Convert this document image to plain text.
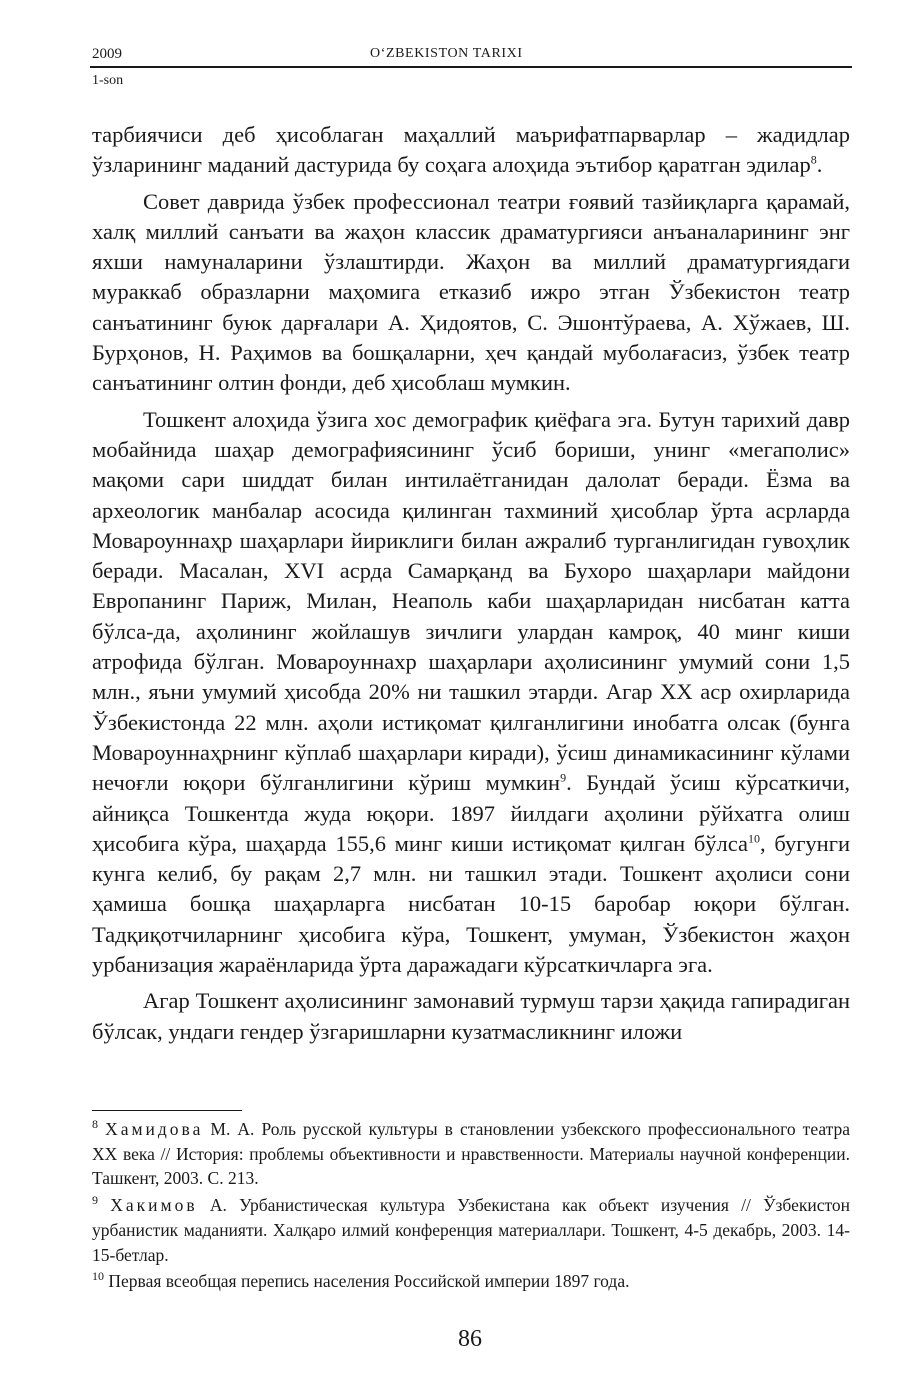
2009	O‘ZBEKISTON TARIXI
1-son

тарбиячиси деб ҳисоблаган маҳаллий маърифатпарварлар – жадидлар ўзларининг маданий дастурида бу соҳага алоҳида эътибор қаратган эдилар$^8$.

Совет даврида ўзбек профессионал театри ғоявий тазйиқларга қарамай, халқ миллий санъати ва жаҳон классик драматургияси анъаналарининг энг яхши намуналарини ўзлаштирди. Жаҳон ва миллий драматургиядаги мураккаб образларни маҳомига етказиб ижро этган Ўзбекистон театр санъатининг буюк дарғалари А. Ҳидоятов, С. Эшонтўраева, А. Хўжаев, Ш. Бурҳонов, Н. Раҳимов ва бошқаларни, ҳеч қандай муболағасиз, ўзбек театр санъатининг олтин фонди, деб ҳисоблаш мумкин.

Тошкент алоҳида ўзига хос демографик қиёфага эга. Бутун тарихий давр мобайнида шаҳар демографиясининг ўсиб бориши, унинг «мегаполис» мақоми сари шиддат билан интилаётганидан далолат беради. Ёзма ва археологик манбалар асосида қилинган тахминий ҳисоблар ўрта асрларда Мовароуннаҳр шаҳарлари йириклиги билан ажралиб турганлигидан гувоҳлик беради. Масалан, XVI асрда Самарқанд ва Бухоро шаҳарлари майдони Европанинг Париж, Милан, Неаполь каби шаҳарларидан нисбатан катта бўлса-да, аҳолининг жойлашув зичлиги улардан камроқ, 40 минг киши атрофида бўлган. Мовароуннахр шаҳарлари аҳолисининг умумий сони 1,5 млн., яъни умумий ҳисобда 20% ни ташкил этарди. Агар XX аср охирларида Ўзбекистонда 22 млн. аҳоли истиқомат қилганлигини инобатга олсак (бунга Мовароуннаҳрнинг кўплаб шаҳарлари киради), ўсиш динамикасининг кўлами нечоғли юқори бўлганлигини кўриш мумкин$^9$. Бундай ўсиш кўрсаткичи, айниқса Тошкентда жуда юқори. 1897 йилдаги аҳолини рўйхатга олиш ҳисобига кўра, шаҳарда 155,6 минг киши истиқомат қилган бўлса$^{10}$, бугунги кунга келиб, бу рақам 2,7 млн. ни ташкил этади. Тошкент аҳолиси сони ҳамиша бошқа шаҳарларга нисбатан 10-15 баробар юқори бўлган. Тадқиқотчиларнинг ҳисобига кўра, Тошкент, умуман, Ўзбекистон жаҳон урбанизация жараёнларида ўрта даражадаги кўрсаткичларга эга.

Агар Тошкент аҳолисининг замонавий турмуш тарзи ҳақида гапирадиган бўлсак, ундаги гендер ўзгаришларни кузатмасликнинг иложи

$^8$ Хамидова М. А. Роль русской культуры в становлении узбекского профессионального театра XX века // История: проблемы объективности и нравственности. Материалы научной конференции. Ташкент, 2003. С. 213.

$^9$ Хакимов А. Урбанистическая культура Узбекистана как объект изучения // Ўзбекистон урбанистик маданияти. Халқаро илмий конференция материаллари. Тошкент, 4-5 декабрь, 2003. 14-15-бетлар.

$^{10}$ Первая всеобщая перепись населения Российской империи 1897 года.

86
